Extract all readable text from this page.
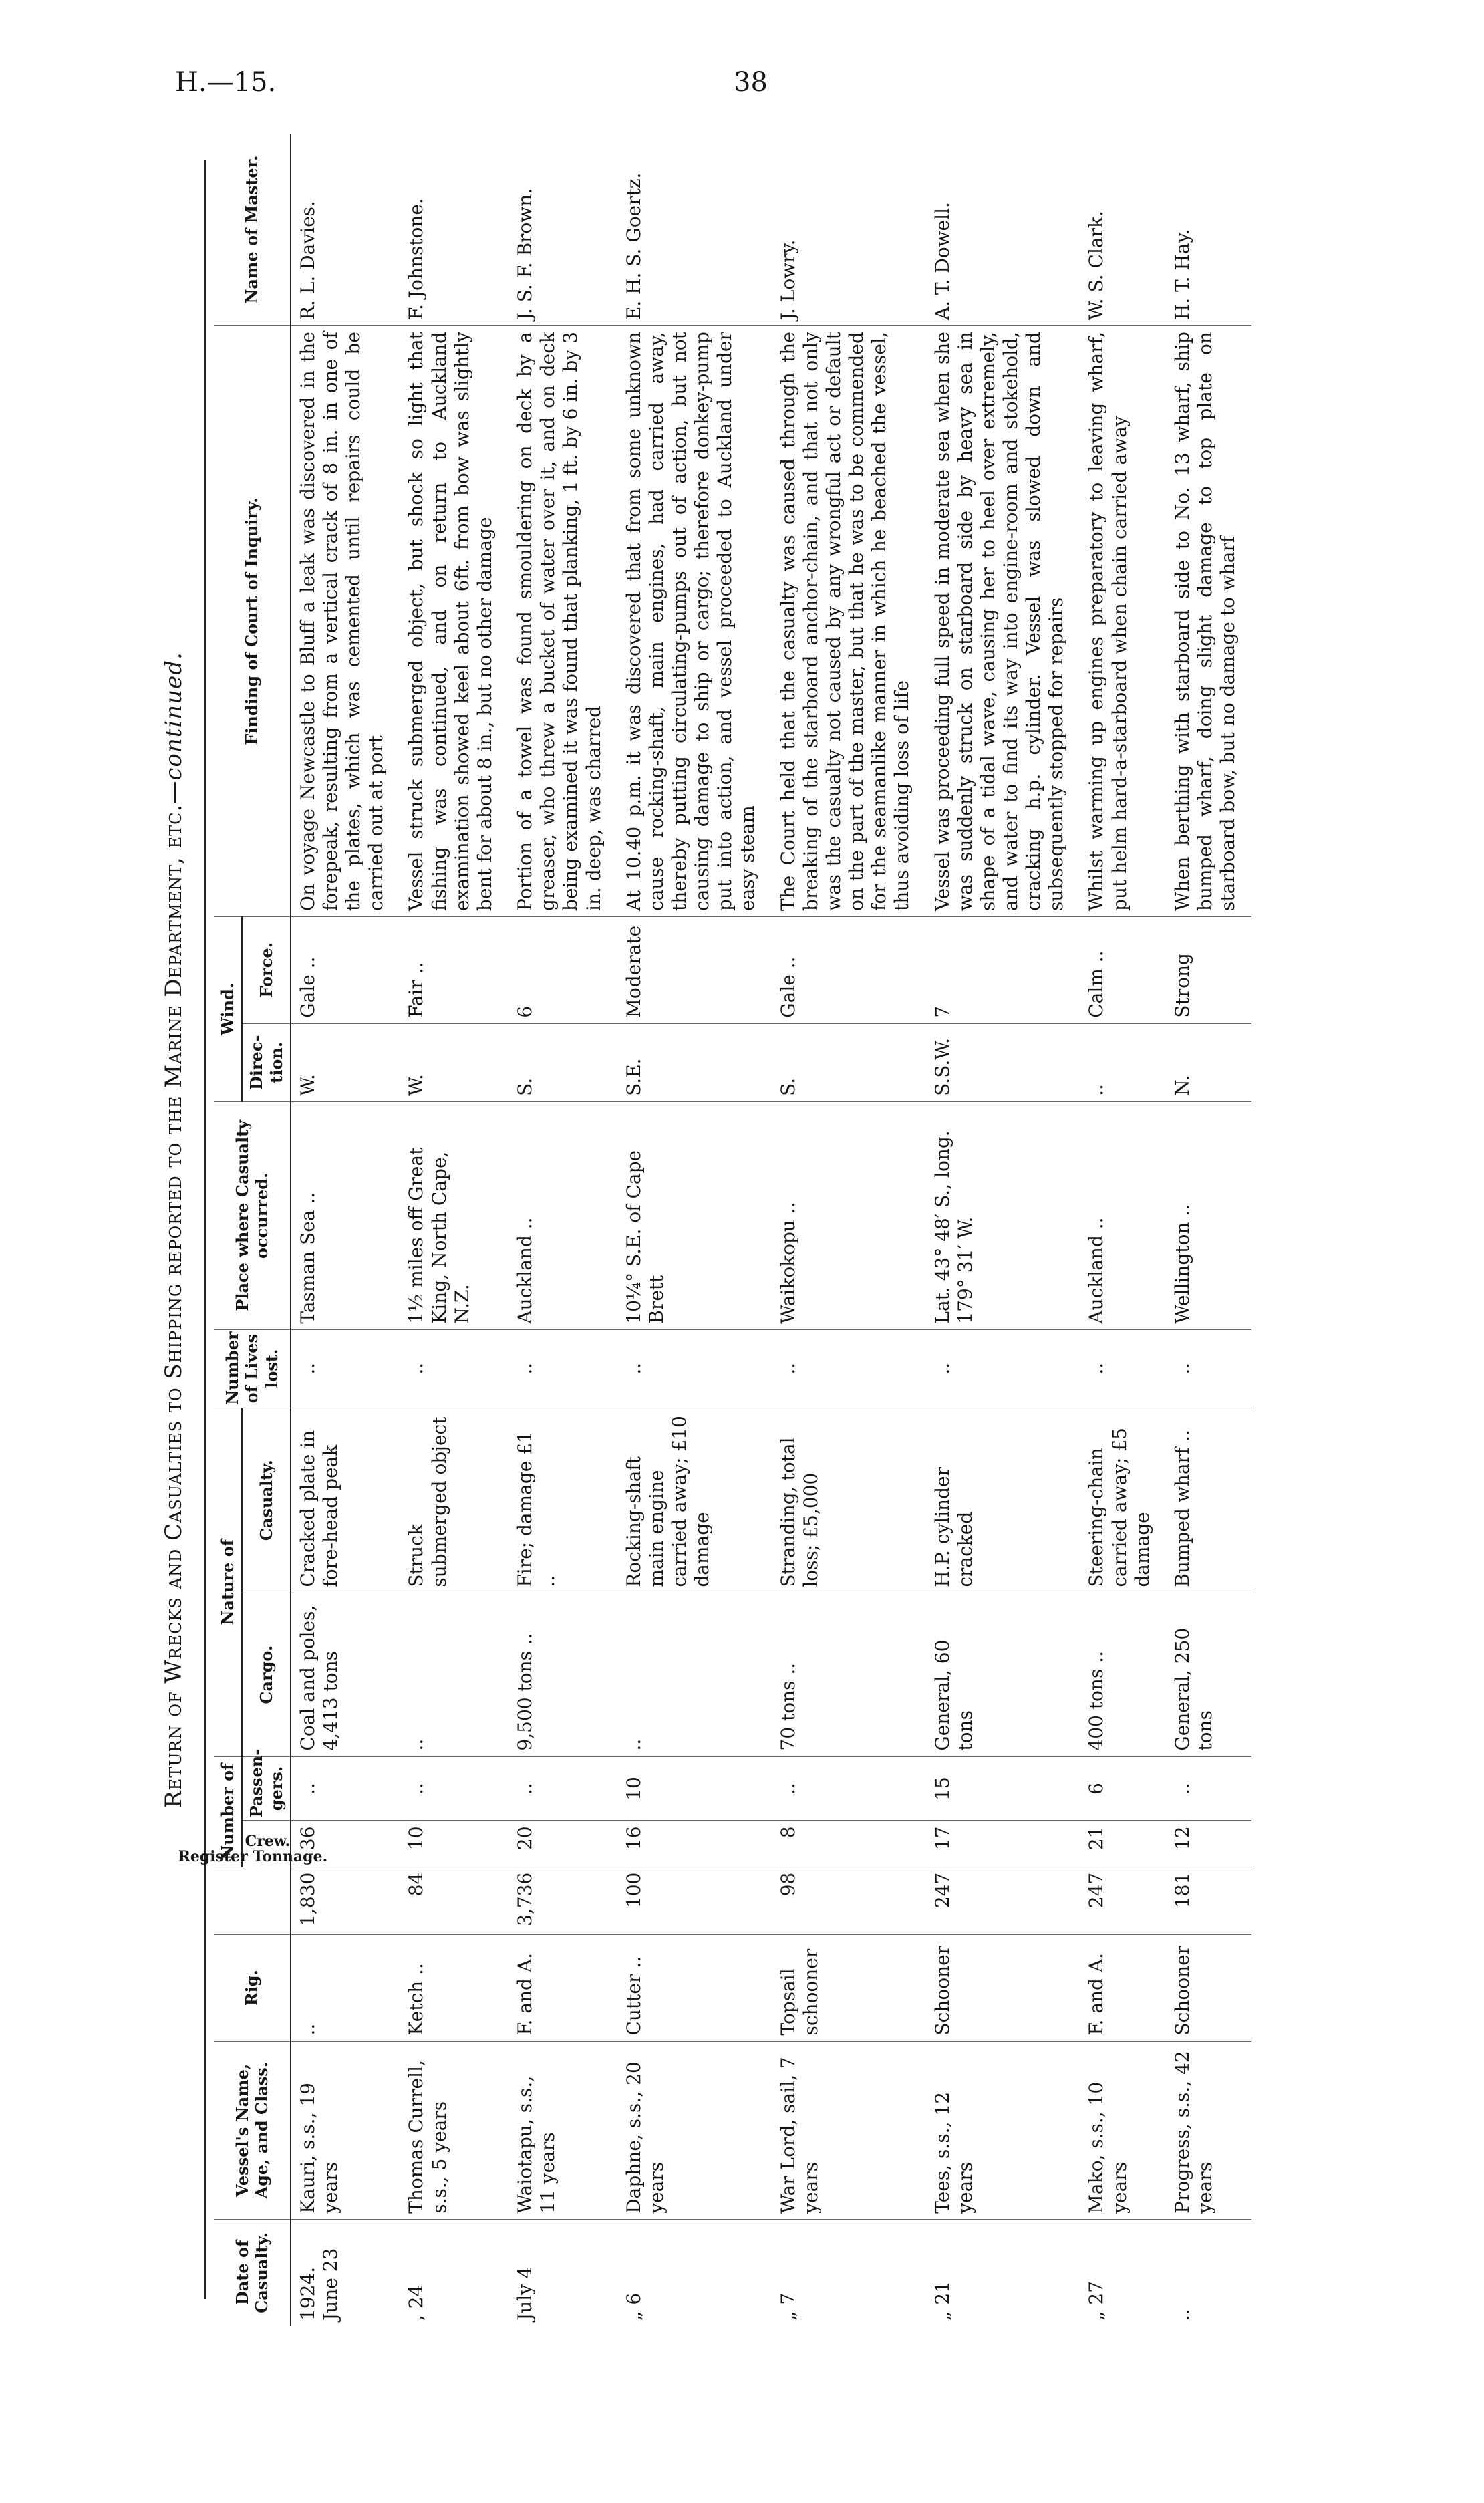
H.—15.	38
Return of Wrecks and Casualties to Shipping reported to the Marine Department, etc.—continued.
Date of Casualty.	Vessel's Name, Age, and Class.	Rig.	Register Tonnage.	Number of		Nature of		Number of Lives lost.	Place where Casualty occurred.	Wind.		Finding of Court of Inquiry.	Name of Master.
				Crew.	Passen-gers.	Cargo.	Casualty.			Direc-tion.	Force.		
1924. June 23	Kauri, s.s., 19 years	..	1,830	36	..	Coal and poles, 4,413 tons	Cracked plate in fore-head peak	..	Tasman Sea ..	W.	Gale ..	On voyage Newcastle to Bluff a leak was discovered in the forepeak, resulting from a vertical crack of 8 in. in one of the plates, which was cemented until repairs could be carried out at port	R. L. Davies.
, 24	Thomas Currell, s.s., 5 years	Ketch ..	84	10	..	..	Struck submerged object	..	1½ miles off Great King, North Cape, N.Z.	W.	Fair ..	Vessel struck submerged object, but shock so light that fishing was continued, and on return to Auckland examination showed keel about 6ft. from bow was slightly bent for about 8 in., but no other damage	F. Johnstone.
July 4	Waiotapu, s.s., 11 years	F. and A.	3,736	20	..	9,500 tons ..	Fire; damage £1 ..	..	Auckland ..	S.	6	Portion of a towel was found smouldering on deck by a greaser, who threw a bucket of water over it, and on deck being examined it was found that planking, 1 ft. by 6 in. by 3 in. deep, was charred	J. S. F. Brown.
„ 6	Daphne, s.s., 20 years	Cutter ..	100	16	10	..	Rocking-shaft main engine carried away; £10 damage	..	10¼° S.E. of Cape Brett	S.E.	Moderate	At 10.40 p.m. it was discovered that from some unknown cause rocking-shaft, main engines, had carried away, thereby putting circulating-pumps out of action, but not causing damage to ship or cargo; therefore donkey-pump put into action, and vessel proceeded to Auckland under easy steam	E. H. S. Goertz.
„ 7	War Lord, sail, 7 years	Topsail schooner	98	8	..	70 tons ..	Stranding, total loss; £5,000	..	Waikokopu ..	S.	Gale ..	The Court held that the casualty was caused through the breaking of the starboard anchor-chain, and that not only was the casualty not caused by any wrongful act or default on the part of the master, but that he was to be commended for the seamanlike manner in which he beached the vessel, thus avoiding loss of life	J. Lowry.
„ 21	Tees, s.s., 12 years	Schooner	247	17	15	General, 60 tons	H.P. cylinder cracked	..	Lat. 43° 48′ S., long. 179° 31′ W.	S.S.W.	7	Vessel was proceeding full speed in moderate sea when she was suddenly struck on starboard side by heavy sea in shape of a tidal wave, causing her to heel over extremely, and water to find its way into engine-room and stokehold, cracking h.p. cylinder. Vessel was slowed down and subsequently stopped for repairs	A. T. Dowell.
„ 27	Mako, s.s., 10 years	F. and A.	247	21	6	400 tons ..	Steering-chain carried away; £5 damage	..	Auckland ..	..	Calm ..	Whilst warming up engines preparatory to leaving wharf, put helm hard-a-starboard when chain carried away	W. S. Clark.
..	Progress, s.s., 42 years	Schooner	181	12	..	General, 250 tons	Bumped wharf ..	..	Wellington ..	N.	Strong	When berthing with starboard side to No. 13 wharf, ship bumped wharf, doing slight damage to top plate on starboard bow, but no damage to wharf	H. T. Hay.
